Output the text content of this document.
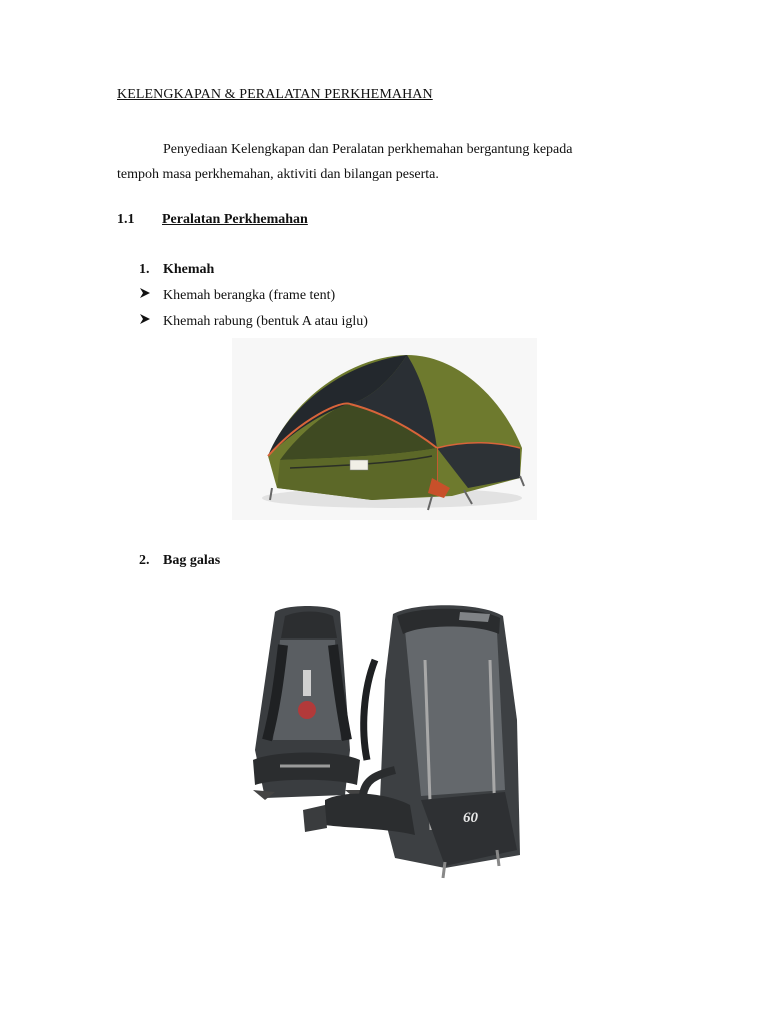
KELENGKAPAN & PERALATAN PERKHEMAHAN
Penyediaan Kelengkapan dan Peralatan perkhemahan bergantung kepada
tempoh masa perkhemahan, aktiviti dan bilangan peserta.
1.1 Peralatan Perkhemahan
1. Khemah
Khemah berangka (frame tent)
Khemah rabung (bentuk A atau iglu)
2. Bag galas
60
